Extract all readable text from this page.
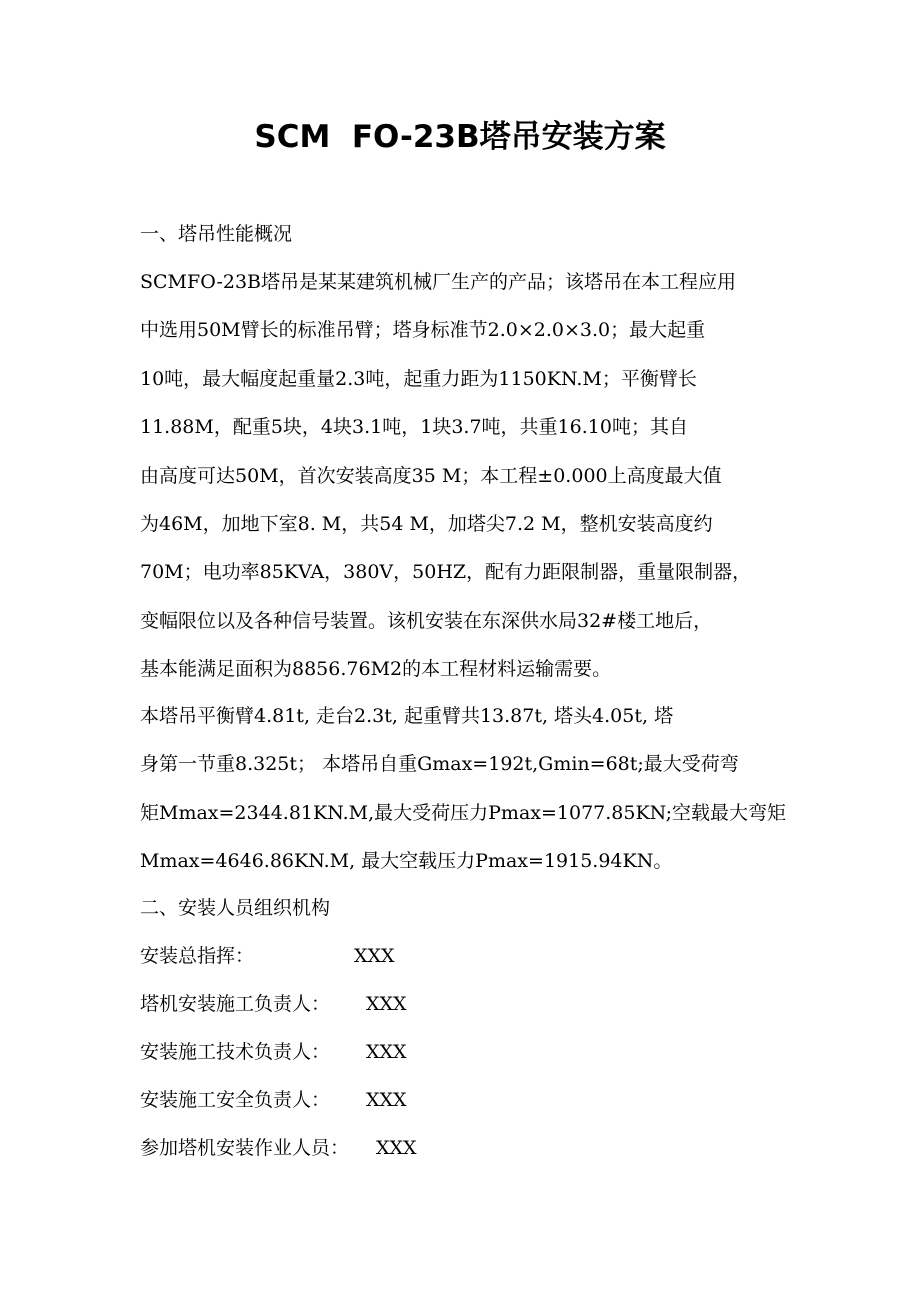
SCM  FO-23B塔吊安装方案

一、塔吊性能概况

SCMFO-23B塔吊是某某建筑机械厂生产的产品；该塔吊在本工程应用
中选用50M臂长的标准吊臂；塔身标准节2.0×2.0×3.0；最大起重
10吨，最大幅度起重量2.3吨，起重力距为1150KN.M；平衡臂长
11.88M，配重5块，4块3.1吨，1块3.7吨，共重16.10吨；其自
由高度可达50M，首次安装高度35 M；本工程±0.000上高度最大值
为46M，加地下室8. M，共54 M，加塔尖7.2 M，整机安装高度约
70M；电功率85KVA，380V，50HZ，配有力距限制器，重量限制器，
变幅限位以及各种信号装置。该机安装在东深供水局32#楼工地后，
基本能满足面积为8856.76M2的本工程材料运输需要。
本塔吊平衡臂4.81t, 走台2.3t, 起重臂共13.87t, 塔头4.05t, 塔
身第一节重8.325t； 本塔吊自重Gmax=192t,Gmin=68t;最大受荷弯
矩Mmax=2344.81KN.M,最大受荷压力Pmax=1077.85KN;空载最大弯矩
Mmax=4646.86KN.M, 最大空载压力Pmax=1915.94KN。

二、安装人员组织机构

安装总指挥：	XXX
塔机安装施工负责人： XXX
安装施工技术负责人： XXX
安装施工安全负责人： XXX
参加塔机安装作业人员： XXX
